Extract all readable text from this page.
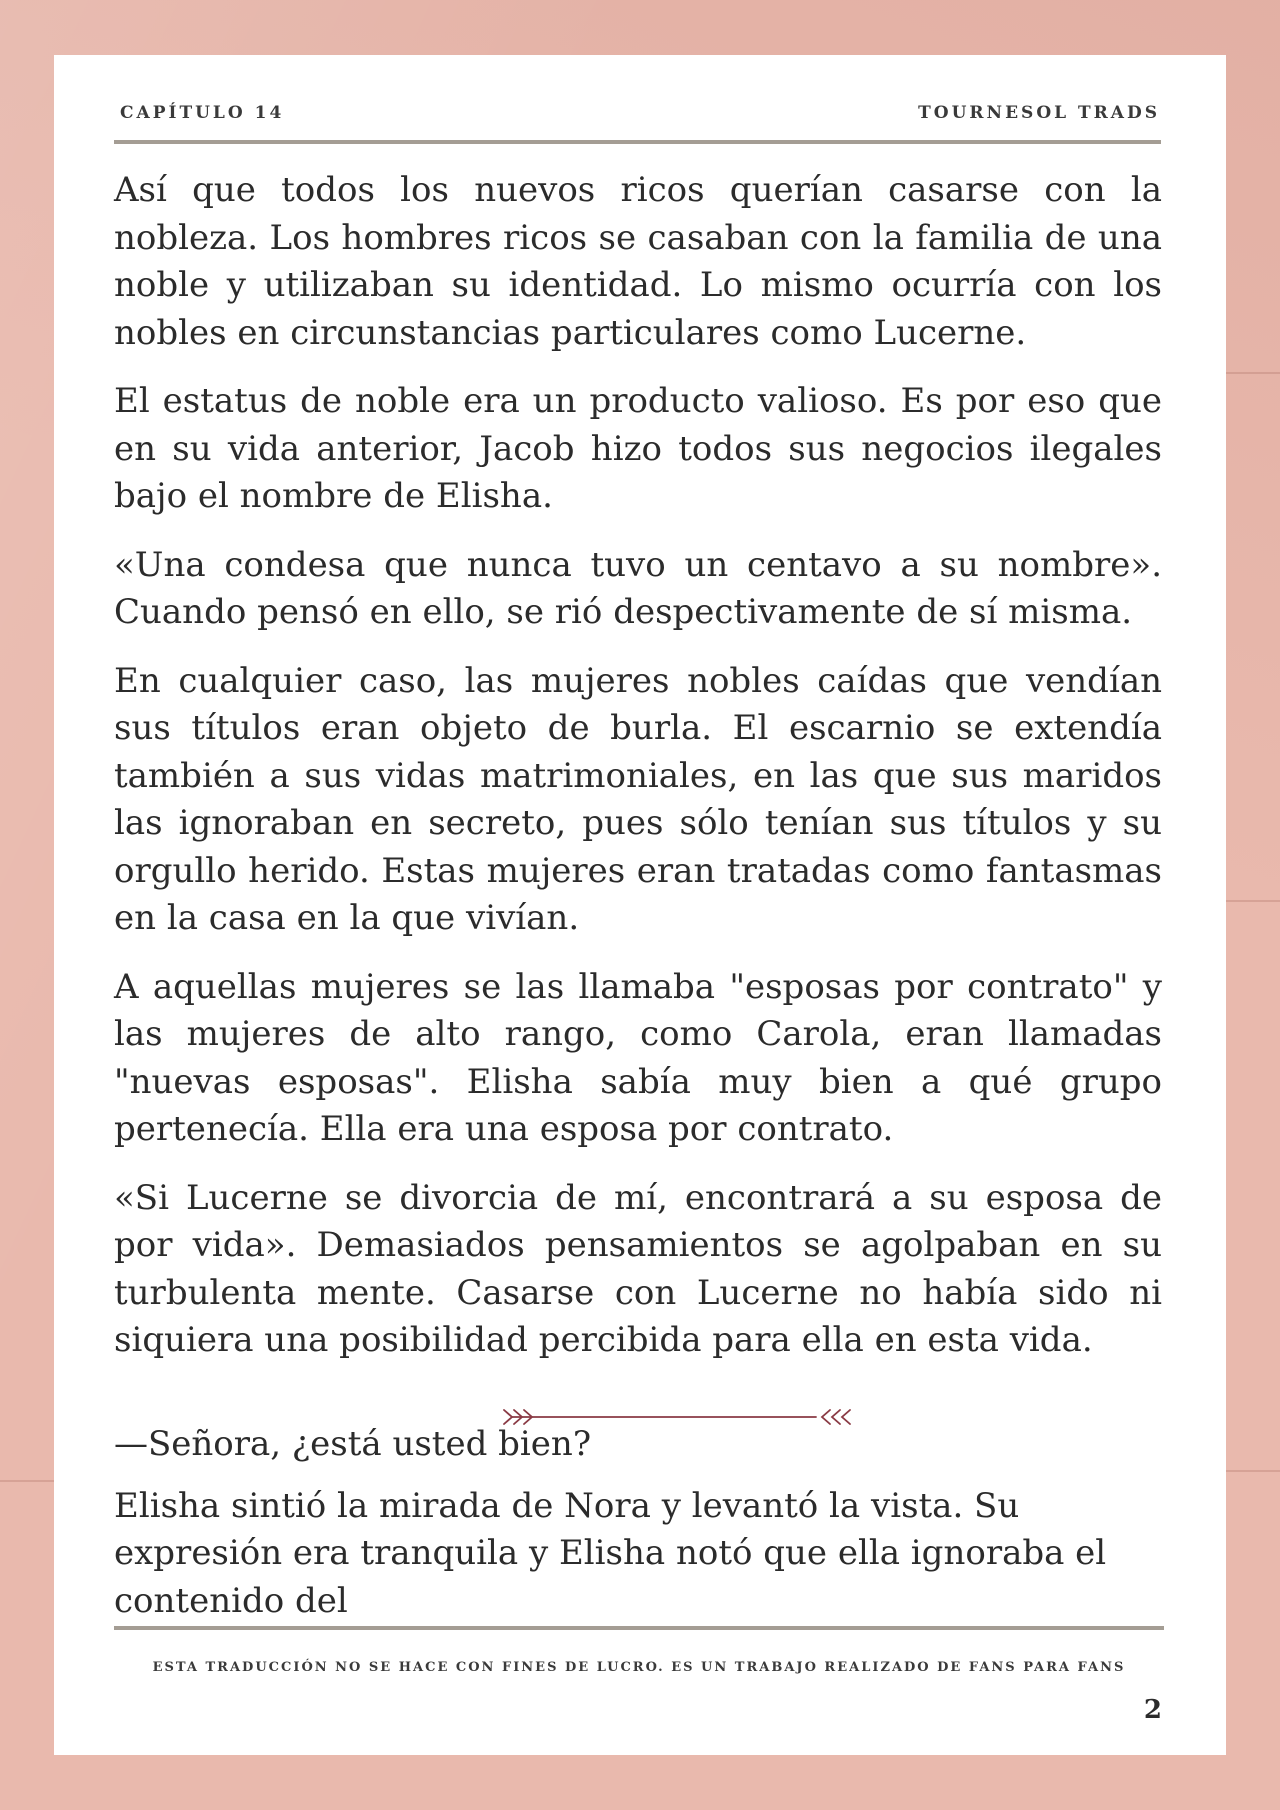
CAPÍTULO 14	TOURNESOL TRADS

Así que todos los nuevos ricos querían casarse con la nobleza. Los hombres ricos se casaban con la familia de una noble y utilizaban su identidad. Lo mismo ocurría con los nobles en circunstancias particulares como Lucerne.

El estatus de noble era un producto valioso. Es por eso que en su vida anterior, Jacob hizo todos sus negocios ilegales bajo el nombre de Elisha.

«Una condesa que nunca tuvo un centavo a su nombre». Cuando pensó en ello, se rió despectivamente de sí misma.

En cualquier caso, las mujeres nobles caídas que vendían sus títulos eran objeto de burla. El escarnio se extendía también a sus vidas matrimoniales, en las que sus maridos las ignoraban en secreto, pues sólo tenían sus títulos y su orgullo herido. Estas mujeres eran tratadas como fantasmas en la casa en la que vivían.

A aquellas mujeres se las llamaba "esposas por contrato" y las mujeres de alto rango, como Carola, eran llamadas "nuevas esposas". Elisha sabía muy bien a qué grupo pertenecía. Ella era una esposa por contrato.

«Si Lucerne se divorcia de mí, encontrará a su esposa de por vida». Demasiados pensamientos se agolpaban en su turbulenta mente. Casarse con Lucerne no había sido ni siquiera una posibilidad percibida para ella en esta vida.

—Señora, ¿está usted bien?

Elisha sintió la mirada de Nora y levantó la vista. Su expresión era tranquila y Elisha notó que ella ignoraba el contenido del

ESTA TRADUCCIÓN NO SE HACE CON FINES DE LUCRO. ES UN TRABAJO REALIZADO DE FANS PARA FANS
2
